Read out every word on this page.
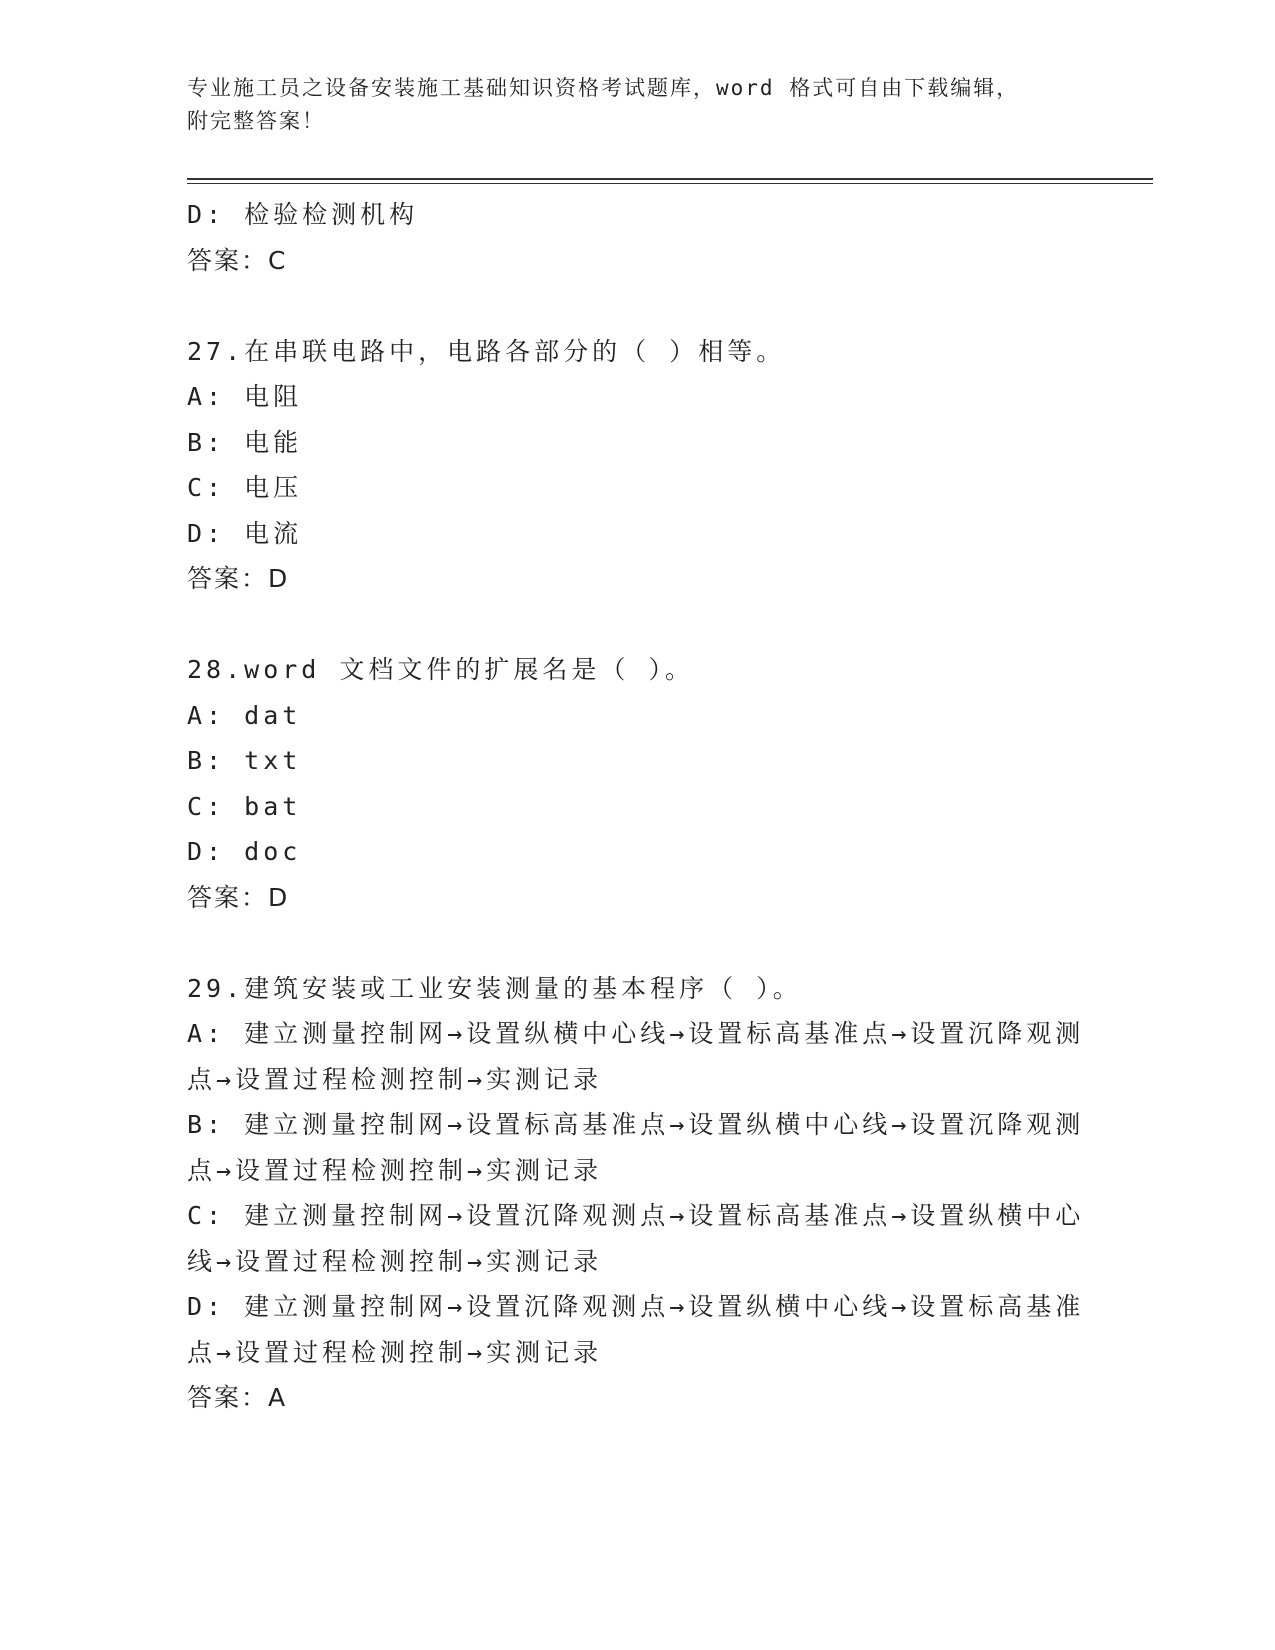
专业施工员之设备安装施工基础知识资格考试题库，word 格式可自由下载编辑，
附完整答案！
D: 检验检测机构
答案：C
27.在串联电路中，电路各部分的（ ）相等。
A: 电阻
B: 电能
C: 电压
D: 电流
答案：D
28.word 文档文件的扩展名是（ ）。
A: dat
B: txt
C: bat
D: doc
答案：D
29.建筑安装或工业安装测量的基本程序（ ）。
A: 建立测量控制网→设置纵横中心线→设置标高基准点→设置沉降观测点→设置过程检测控制→实测记录
B: 建立测量控制网→设置标高基准点→设置纵横中心线→设置沉降观测点→设置过程检测控制→实测记录
C: 建立测量控制网→设置沉降观测点→设置标高基准点→设置纵横中心线→设置过程检测控制→实测记录
D: 建立测量控制网→设置沉降观测点→设置纵横中心线→设置标高基准点→设置过程检测控制→实测记录
答案：A
